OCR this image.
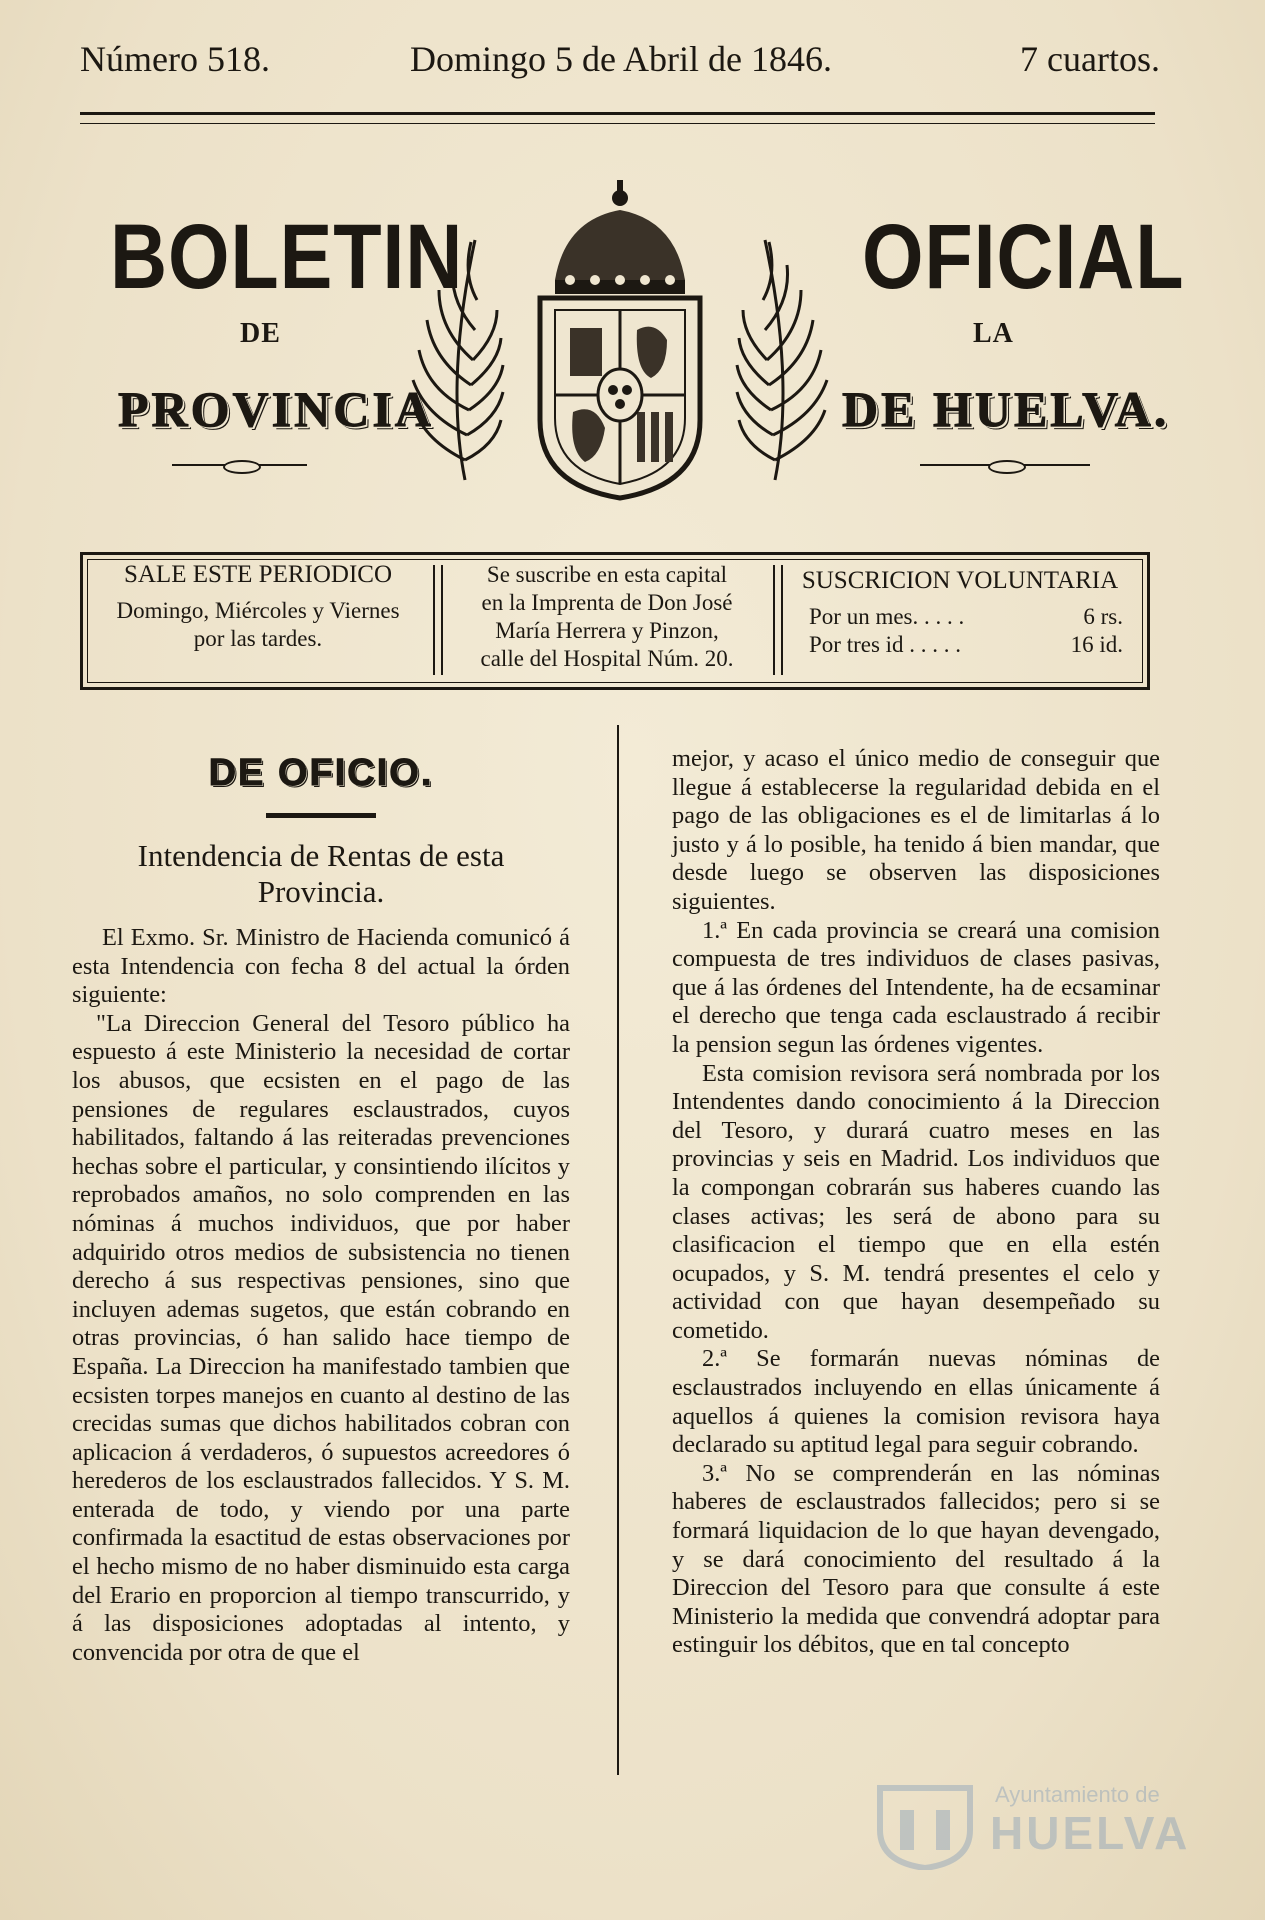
Número 518.	Domingo 5 de Abril de 1846.	7 cuartos.
BOLETIN	OFICIAL
DE	LA
PROVINCIA	DE HUELVA.
SALE ESTE PERIODICO
Domingo, Miércoles y Viernes
por las tardes.
Se suscribe en esta capital
en la Imprenta de Don José
María Herrera y Pinzon,
calle del Hospital Núm. 20.
SUSCRICION VOLUNTARIA
Por un mes. . . . .	6 rs.
Por tres id . . . . .	16 id.
DE OFICIO.
Intendencia de Rentas de esta Provincia.

El Exmo. Sr. Ministro de Hacienda comunicó á esta Intendencia con fecha 8 del actual la órden siguiente:

"La Direccion General del Tesoro público ha espuesto á este Ministerio la necesidad de cortar los abusos, que ecsisten en el pago de las pensiones de regulares esclaustrados, cuyos habilitados, faltando á las reiteradas prevenciones hechas sobre el particular, y consintiendo ilícitos y reprobados amaños, no solo comprenden en las nóminas á muchos individuos, que por haber adquirido otros medios de subsistencia no tienen derecho á sus respectivas pensiones, sino que incluyen ademas sugetos, que están cobrando en otras provincias, ó han salido hace tiempo de España. La Direccion ha manifestado tambien que ecsisten torpes manejos en cuanto al destino de las crecidas sumas que dichos habilitados cobran con aplicacion á verdaderos, ó supuestos acreedores ó herederos de los esclaustrados fallecidos. Y S. M. enterada de todo, y viendo por una parte confirmada la esactitud de estas observaciones por el hecho mismo de no haber disminuido esta carga del Erario en proporcion al tiempo transcurrido, y á las disposiciones adoptadas al intento, y convencida por otra de que el

mejor, y acaso el único medio de conseguir que llegue á establecerse la regularidad debida en el pago de las obligaciones es el de limitarlas á lo justo y á lo posible, ha tenido á bien mandar, que desde luego se observen las disposiciones siguientes.

1.ª En cada provincia se creará una comision compuesta de tres individuos de clases pasivas, que á las órdenes del Intendente, ha de ecsaminar el derecho que tenga cada esclaustrado á recibir la pension segun las órdenes vigentes.

Esta comision revisora será nombrada por los Intendentes dando conocimiento á la Direccion del Tesoro, y durará cuatro meses en las provincias y seis en Madrid. Los individuos que la compongan cobrarán sus haberes cuando las clases activas; les será de abono para su clasificacion el tiempo que en ella estén ocupados, y S. M. tendrá presentes el celo y actividad con que hayan desempeñado su cometido.

2.ª Se formarán nuevas nóminas de esclaustrados incluyendo en ellas únicamente á aquellos á quienes la comision revisora haya declarado su aptitud legal para seguir cobrando.

3.ª No se comprenderán en las nóminas haberes de esclaustrados fallecidos; pero si se formará liquidacion de lo que hayan devengado, y se dará conocimiento del resultado á la Direccion del Tesoro para que consulte á este Ministerio la medida que convendrá adoptar para estinguir los débitos, que en tal concepto

Ayuntamiento de
HUELVA
